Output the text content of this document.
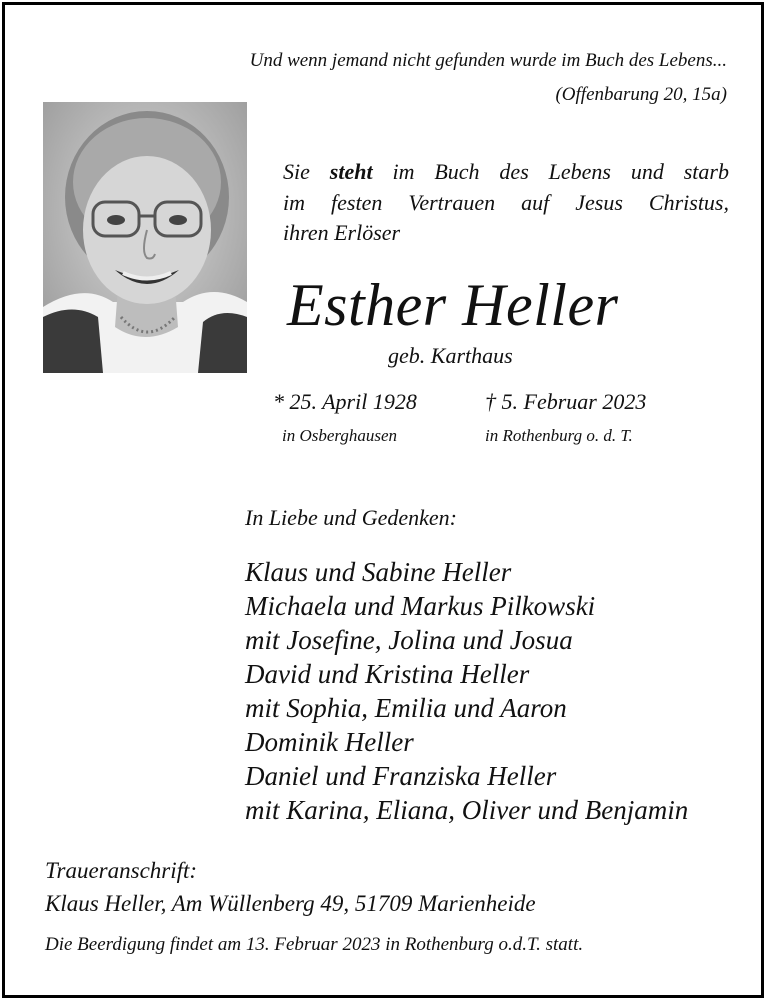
Und wenn jemand nicht gefunden wurde im Buch des Lebens...
(Offenbarung 20, 15a)
Sie steht im Buch des Lebens und starb
im festen Vertrauen auf Jesus Christus,
ihren Erlöser
Esther Heller
geb. Karthaus
* 25. April 1928	† 5. Februar 2023
in Osberghausen	in Rothenburg o. d. T.
In Liebe und Gedenken:
Klaus und Sabine Heller
Michaela und Markus Pilkowski
mit Josefine, Jolina und Josua
David und Kristina Heller
mit Sophia, Emilia und Aaron
Dominik Heller
Daniel und Franziska Heller
mit Karina, Eliana, Oliver und Benjamin
Traueranschrift:
Klaus Heller, Am Wüllenberg 49, 51709 Marienheide
Die Beerdigung findet am 13. Februar 2023 in Rothenburg o.d.T. statt.
